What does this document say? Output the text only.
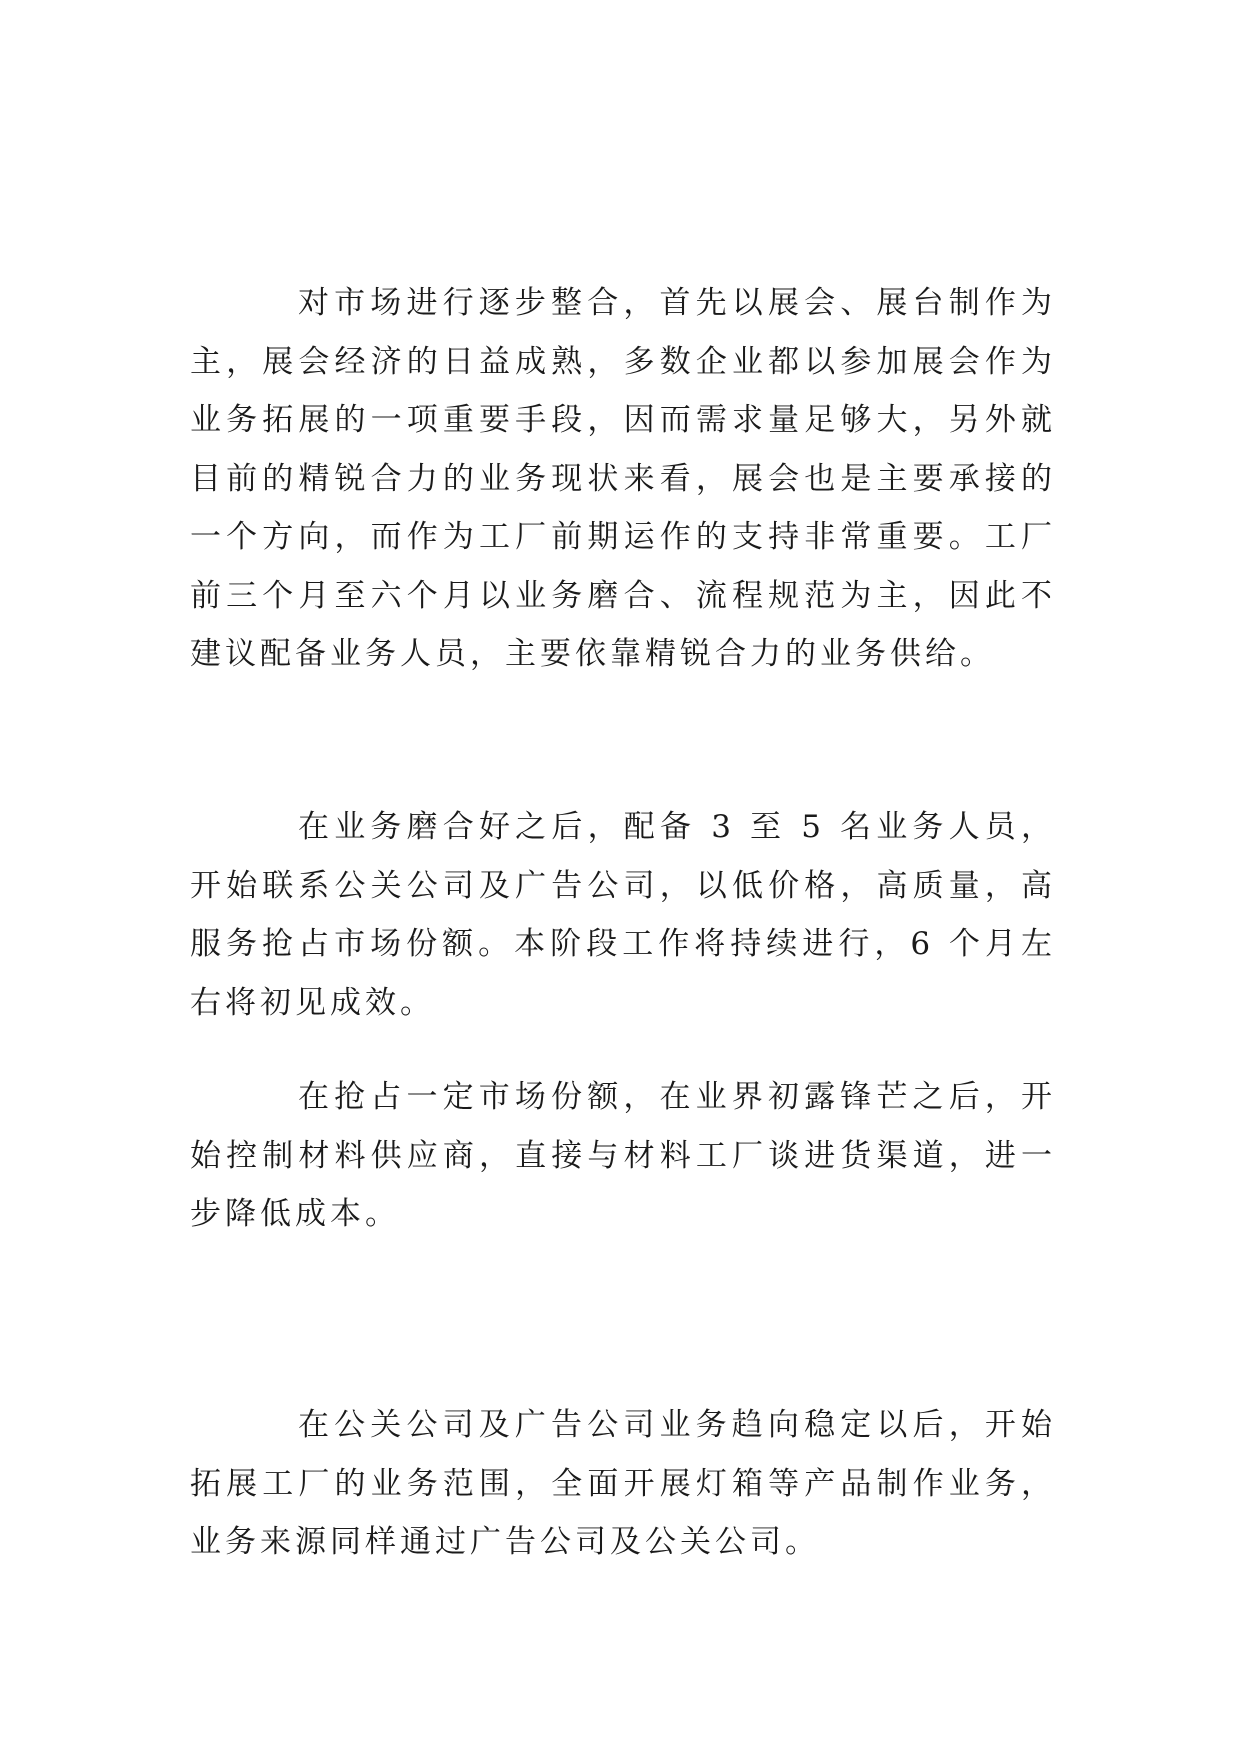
对市场进行逐步整合，首先以展会、展台制作为主，展会经济的日益成熟，多数企业都以参加展会作为业务拓展的一项重要手段，因而需求量足够大，另外就目前的精锐合力的业务现状来看，展会也是主要承接的一个方向，而作为工厂前期运作的支持非常重要。工厂前三个月至六个月以业务磨合、流程规范为主，因此不建议配备业务人员，主要依靠精锐合力的业务供给。

在业务磨合好之后，配备 3 至 5 名业务人员，开始联系公关公司及广告公司，以低价格，高质量，高服务抢占市场份额。本阶段工作将持续进行，6 个月左右将初见成效。

在抢占一定市场份额，在业界初露锋芒之后，开始控制材料供应商，直接与材料工厂谈进货渠道，进一步降低成本。

在公关公司及广告公司业务趋向稳定以后，开始拓展工厂的业务范围，全面开展灯箱等产品制作业务，业务来源同样通过广告公司及公关公司。
